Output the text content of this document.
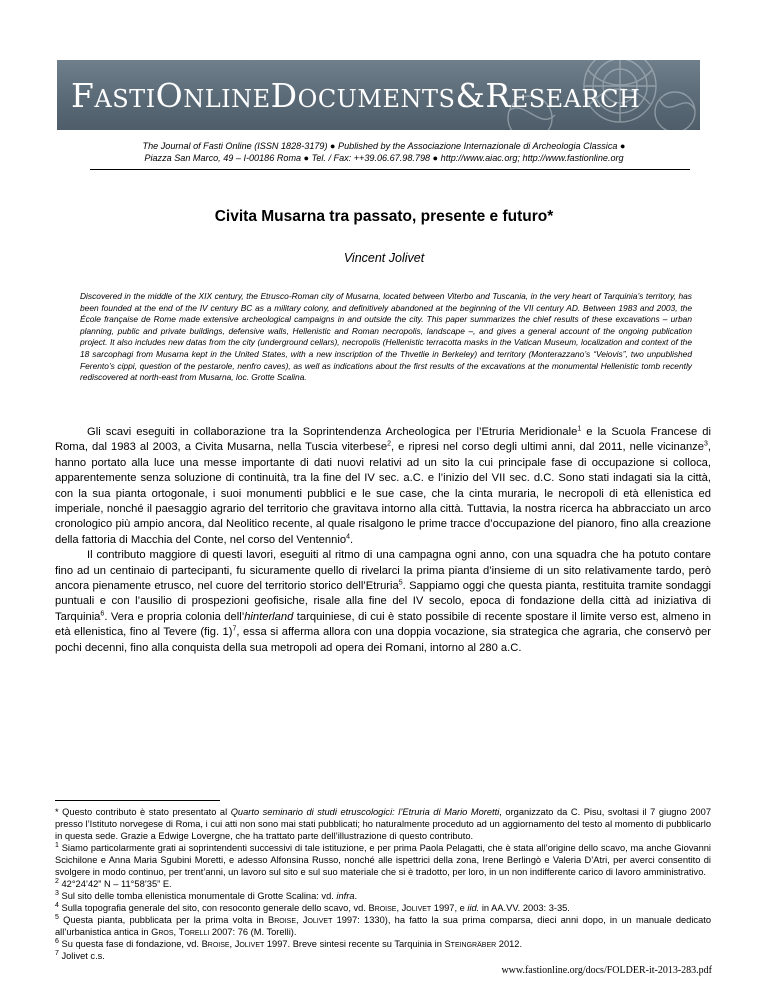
FASTIONLINEDOCUMENTS&RESEARCH
The Journal of Fasti Online (ISSN 1828-3179) ● Published by the Associazione Internazionale di Archeologia Classica ●
Piazza San Marco, 49 – I-00186 Roma ● Tel. / Fax: ++39.06.67.98.798 ● http://www.aiac.org; http://www.fastionline.org
Civita Musarna tra passato, presente e futuro*
Vincent Jolivet
Discovered in the middle of the XIX century, the Etrusco-Roman city of Musarna, located between Viterbo and Tuscania, in the very heart of Tarquinia’s territory, has been founded at the end of the IV century BC as a military colony, and definitively abandoned at the beginning of the VII century AD. Between 1983 and 2003, the École française de Rome made extensive archeological campaigns in and outside the city. This paper summarizes the chief results of these excavations – urban planning, public and private buildings, defensive walls, Hellenistic and Roman necropolis, landscape –, and gives a general account of the ongoing publication project. It also includes new datas from the city (underground cellars), necropolis (Hellenistic terracotta masks in the Vatican Museum, localization and context of the 18 sarcophagi from Musarna kept in the United States, with a new inscription of the Thvetlie in Berkeley) and territory (Monterazzano’s “Veiovis”, two unpublished Ferento’s cippi, question of the pestarole, nenfro caves), as well as indications about the first results of the excavations at the monumental Hellenistic tomb recently rediscovered at north-east from Musarna, loc. Grotte Scalina.

Gli scavi eseguiti in collaborazione tra la Soprintendenza Archeologica per l’Etruria Meridionale$^1$ e la Scuola Francese di Roma, dal 1983 al 2003, a Civita Musarna, nella Tuscia viterbese$^2$, e ripresi nel corso degli ultimi anni, dal 2011, nelle vicinanze$^3$, hanno portato alla luce una messe importante di dati nuovi relativi ad un sito la cui principale fase di occupazione si colloca, apparentemente senza soluzione di continuità, tra la fine del IV sec. a.C. e l’inizio del VII sec. d.C. Sono stati indagati sia la città, con la sua pianta ortogonale, i suoi monumenti pubblici e le sue case, che la cinta muraria, le necropoli di età ellenistica ed imperiale, nonché il paesaggio agrario del territorio che gravitava intorno alla città. Tuttavia, la nostra ricerca ha abbracciato un arco cronologico più ampio ancora, dal Neolitico recente, al quale risalgono le prime tracce d’occupazione del pianoro, fino alla creazione della fattoria di Macchia del Conte, nel corso del Ventennio$^4$.

Il contributo maggiore di questi lavori, eseguiti al ritmo di una campagna ogni anno, con una squadra che ha potuto contare fino ad un centinaio di partecipanti, fu sicuramente quello di rivelarci la prima pianta d’insieme di un sito relativamente tardo, però ancora pienamente etrusco, nel cuore del territorio storico dell’Etruria$^5$. Sappiamo oggi che questa pianta, restituita tramite sondaggi puntuali e con l’ausilio di prospezioni geofisiche, risale alla fine del IV secolo, epoca di fondazione della città ad iniziativa di Tarquinia$^6$. Vera e propria colonia dell’hinterland tarquiniese, di cui è stato possibile di recente spostare il limite verso est, almeno in età ellenistica, fino al Tevere (fig. 1)$^7$, essa si afferma allora con una doppia vocazione, sia strategica che agraria, che conservò per pochi decenni, fino alla conquista della sua metropoli ad opera dei Romani, intorno al 280 a.C.

* Questo contributo è stato presentato al Quarto seminario di studi etruscologici: l’Etruria di Mario Moretti, organizzato da C. Pisu, svoltasi il 7 giugno 2007 presso l’Istituto norvegese di Roma, i cui atti non sono mai stati pubblicati; ho naturalmente proceduto ad un aggiornamento del testo al momento di pubblicarlo in questa sede. Grazie a Edwige Lovergne, che ha trattato parte dell’illustrazione di questo contributo.
$^1$ Siamo particolarmente grati ai soprintendenti successivi di tale istituzione, e per prima Paola Pelagatti, che è stata all’origine dello scavo, ma anche Giovanni Scichilone e Anna Maria Sgubini Moretti, e adesso Alfonsina Russo, nonché alle ispettrici della zona, Irene Berlingò e Valeria D’Atri, per averci consentito di svolgere in modo continuo, per trent’anni, un lavoro sul sito e sul suo materiale che si è tradotto, per loro, in un non indifferente carico di lavoro amministrativo.
$^2$ 42°24’42” N – 11°58’35” E.
$^3$ Sul sito delle tomba ellenistica monumentale di Grotte Scalina: vd. infra.
$^4$ Sulla topografia generale del sito, con resoconto generale dello scavo, vd. Broise, Jolivet 1997, e iid. in AA.VV. 2003: 3-35.
$^5$ Questa pianta, pubblicata per la prima volta in Broise, Jolivet 1997: 1330), ha fatto la sua prima comparsa, dieci anni dopo, in un manuale dedicato all’urbanistica antica in Gros, Torelli 2007: 76 (M. Torelli).
$^6$ Su questa fase di fondazione, vd. Broise, Jolivet 1997. Breve sintesi recente su Tarquinia in Steingräber 2012.
$^7$ Jolivet c.s.
www.fastionline.org/docs/FOLDER-it-2013-283.pdf
